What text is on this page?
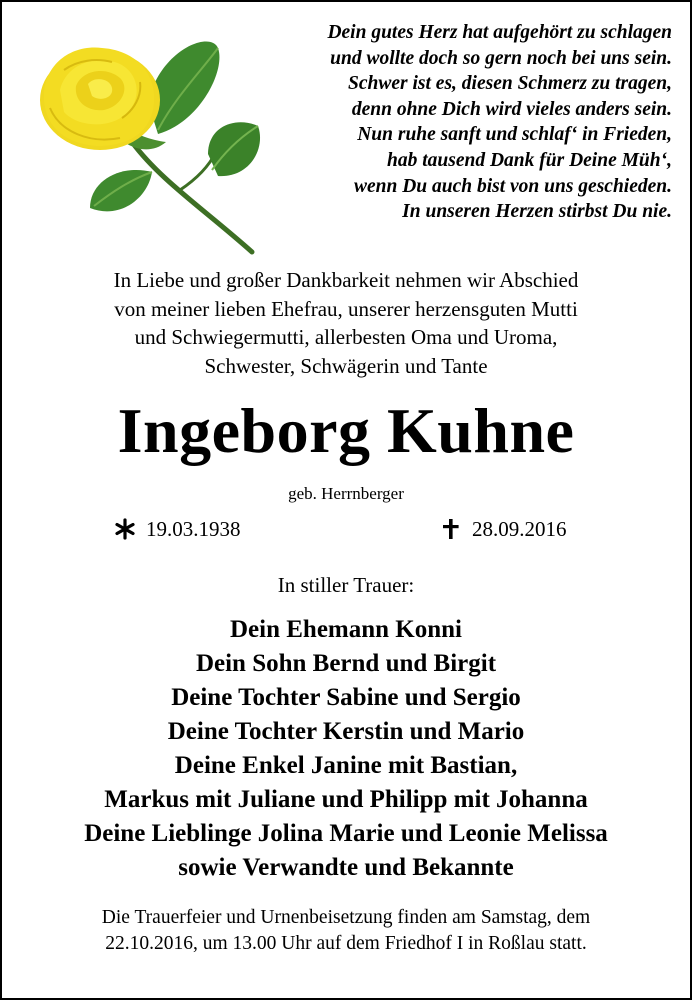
Dein gutes Herz hat aufgehört zu schlagen
und wollte doch so gern noch bei uns sein.
Schwer ist es, diesen Schmerz zu tragen,
denn ohne Dich wird vieles anders sein.
Nun ruhe sanft und schlaf‘ in Frieden,
hab tausend Dank für Deine Müh‘,
wenn Du auch bist von uns geschieden.
In unseren Herzen stirbst Du nie.
In Liebe und großer Dankbarkeit nehmen wir Abschied
von meiner lieben Ehefrau, unserer herzensguten Mutti
und Schwiegermutti, allerbesten Oma und Uroma,
Schwester, Schwägerin und Tante
Ingeborg Kuhne
geb. Herrnberger
19.03.1938	28.09.2016
In stiller Trauer:
Dein Ehemann Konni
Dein Sohn Bernd und Birgit
Deine Tochter Sabine und Sergio
Deine Tochter Kerstin und Mario
Deine Enkel Janine mit Bastian,
Markus mit Juliane und Philipp mit Johanna
Deine Lieblinge Jolina Marie und Leonie Melissa
sowie Verwandte und Bekannte
Die Trauerfeier und Urnenbeisetzung finden am Samstag, dem
22.10.2016, um 13.00 Uhr auf dem Friedhof I in Roßlau statt.
